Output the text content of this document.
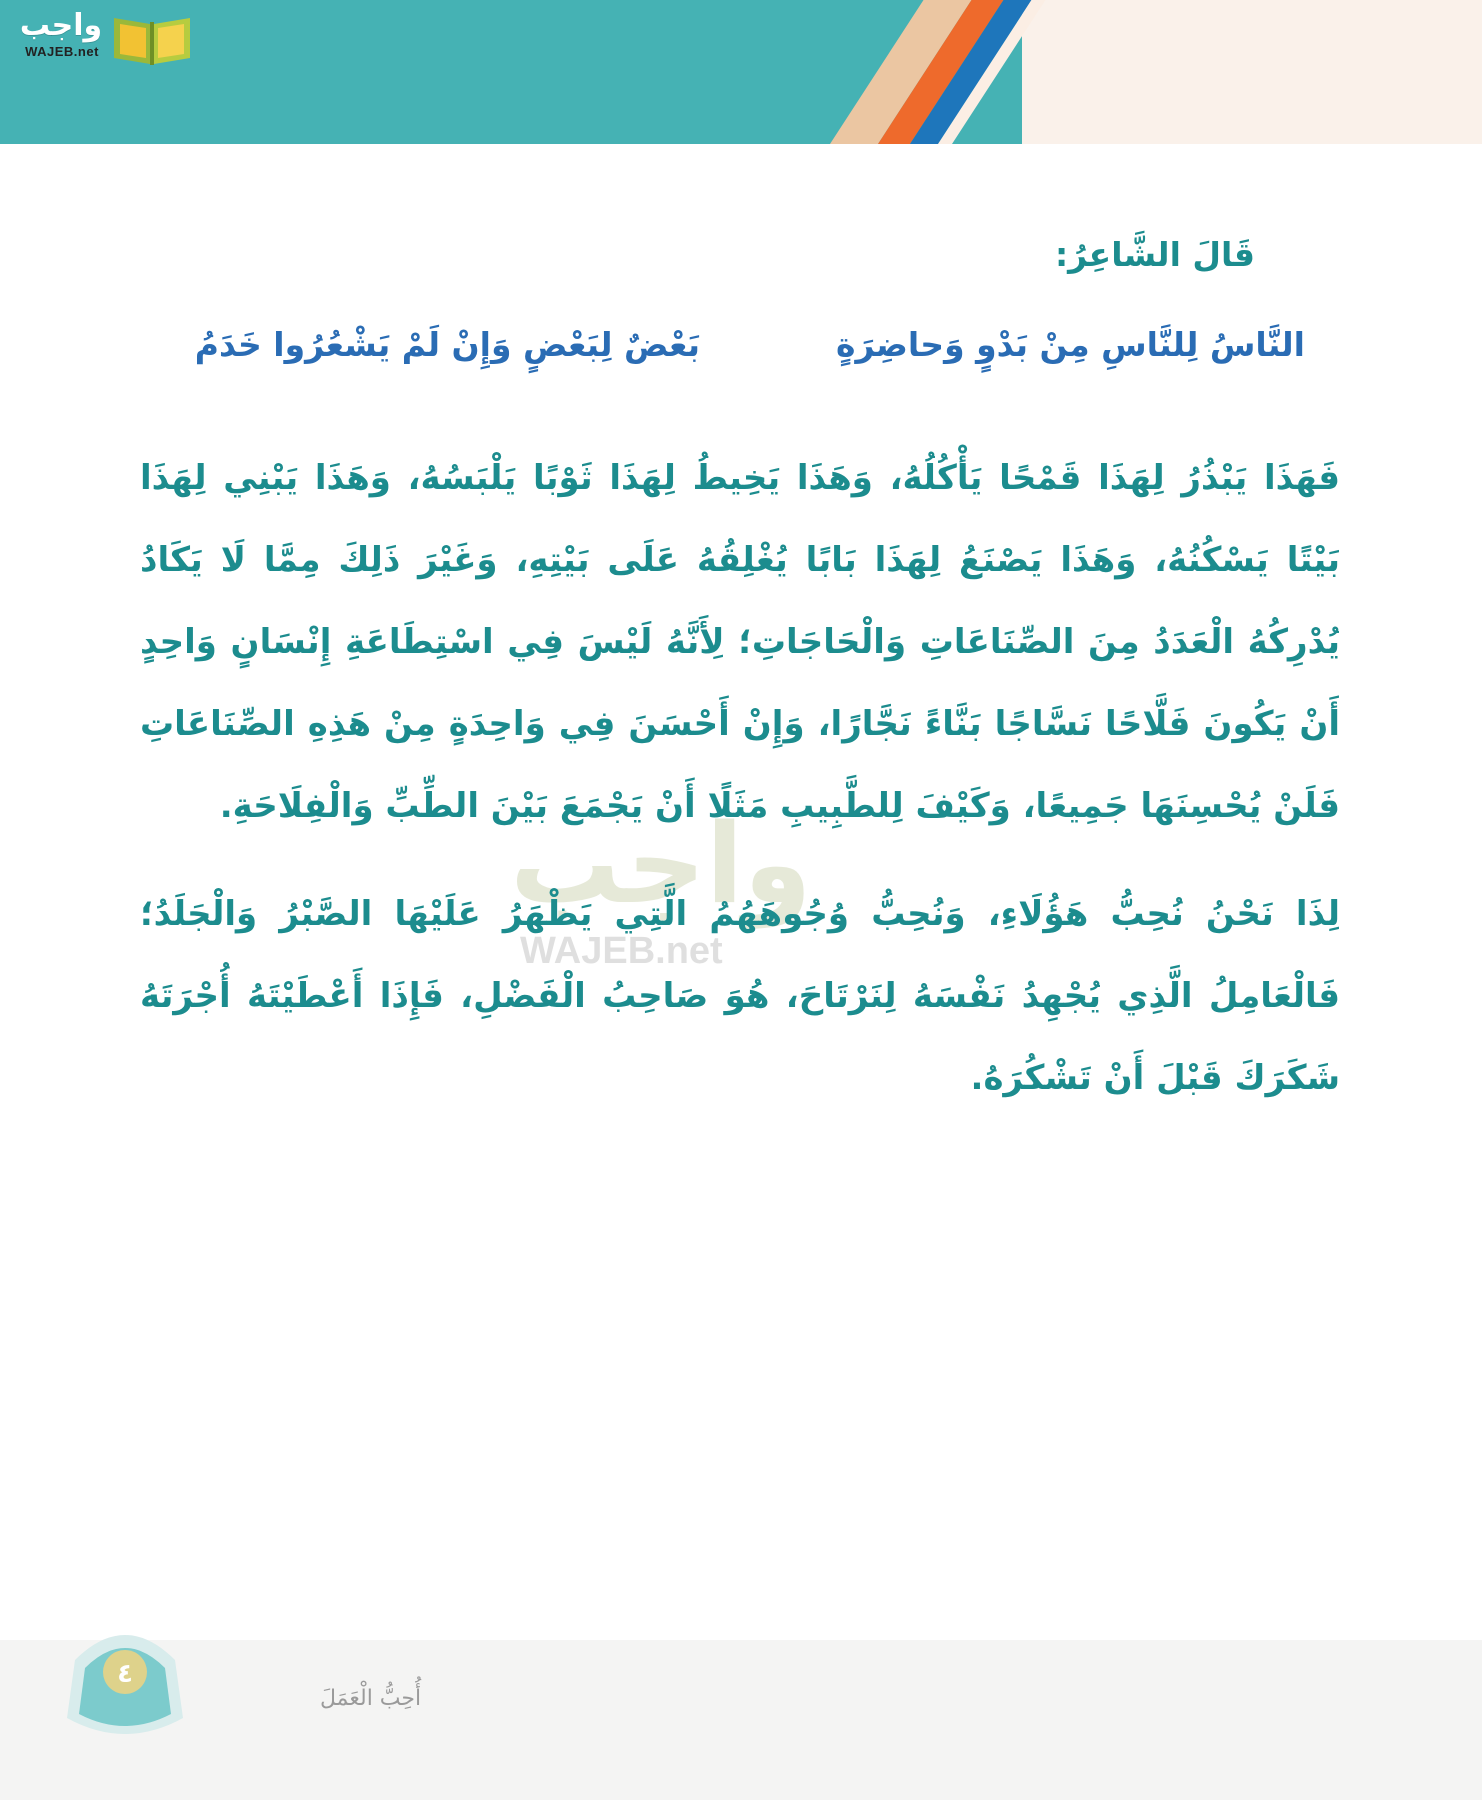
واجب
WAJEB.net
واجب
WAJEB.net

قَالَ الشَّاعِرُ:

النَّاسُ لِلنَّاسِ مِنْ بَدْوٍ وَحاضِرَةٍ

بَعْضٌ لِبَعْضٍ وَإِنْ لَمْ يَشْعُرُوا خَدَمُ

فَهَذَا يَبْذُرُ لِهَذَا قَمْحًا يَأْكُلُهُ، وَهَذَا يَخِيطُ لِهَذَا ثَوْبًا يَلْبَسُهُ، وَهَذَا يَبْنِي لِهَذَا بَيْتًا يَسْكُنُهُ، وَهَذَا يَصْنَعُ لِهَذَا بَابًا يُغْلِقُهُ عَلَى بَيْتِهِ، وَغَيْرَ ذَلِكَ مِمَّا لَا يَكَادُ يُدْرِكُهُ الْعَدَدُ مِنَ الصِّنَاعَاتِ وَالْحَاجَاتِ؛ لِأَنَّهُ لَيْسَ فِي اسْتِطَاعَةِ إِنْسَانٍ وَاحِدٍ أَنْ يَكُونَ فَلَّاحًا نَسَّاجًا بَنَّاءً نَجَّارًا، وَإِنْ أَحْسَنَ فِي وَاحِدَةٍ مِنْ هَذِهِ الصِّنَاعَاتِ فَلَنْ يُحْسِنَهَا جَمِيعًا، وَكَيْفَ لِلطَّبِيبِ مَثَلًا أَنْ يَجْمَعَ بَيْنَ الطِّبِّ وَالْفِلَاحَةِ.

لِذَا نَحْنُ نُحِبُّ هَؤُلَاءِ، وَنُحِبُّ وُجُوهَهُمُ الَّتِي يَظْهَرُ عَلَيْهَا الصَّبْرُ وَالْجَلَدُ؛ فَالْعَامِلُ الَّذِي يُجْهِدُ نَفْسَهُ لِنَرْتَاحَ، هُوَ صَاحِبُ الْفَضْلِ، فَإِذَا أَعْطَيْتَهُ أُجْرَتَهُ شَكَرَكَ قَبْلَ أَنْ تَشْكُرَهُ.

٤
أُحِبُّ الْعَمَلَ
